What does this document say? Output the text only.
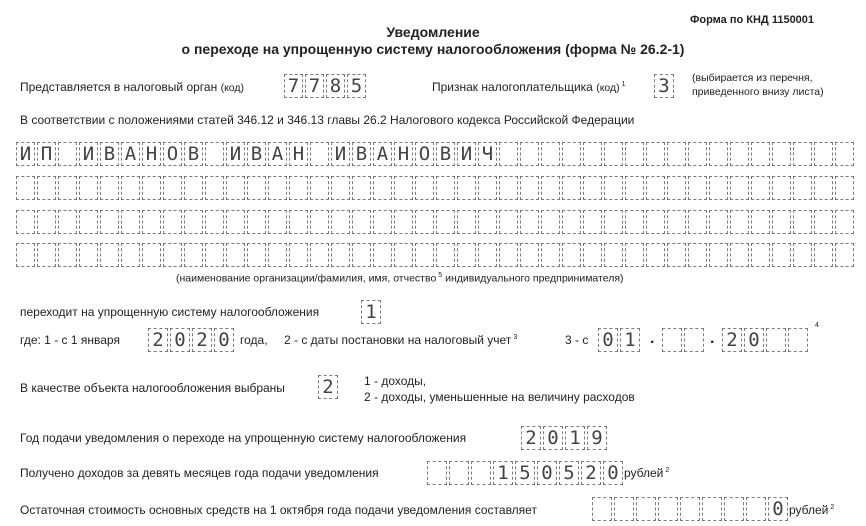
Форма по КНД 1150001
Уведомление
о переходе на упрощенную систему налогообложения (форма № 26.2-1)
Представляется в налоговый орган (код) 7 7 8 5	Признак налогоплательщика (код) $^1$ 3	(выбирается из перечня,
приведенного внизу листа)
В соответствии с положениями статей 346.12 и 346.13 главы 26.2 Налогового кодекса Российской Федерации
И П И В А Н О В И В А Н И В А Н О В И Ч
(наименование организации/фамилия, имя, отчество $^5$ индивидуального предпринимателя)
переходит на упрощенную систему налогообложения 1
где: 1 - с 1 января 2 0 2 0 года, 2 - с даты постановки на налоговый учет $^3$	3 - с 0 1 .	. 2 0
4
В качестве объекта налогообложения выбраны 2	1 - доходы,
2 - доходы, уменьшенные на величину расходов
Год подачи уведомления о переходе на упрощенную систему налогообложения	2 0 1 9
Получено доходов за девять месяцев года подачи уведомления	1 5 0 5 2 0 рублей $^2$
Остаточная стоимость основных средств на 1 октября года подачи уведомления составляет	0 рублей $^2$
